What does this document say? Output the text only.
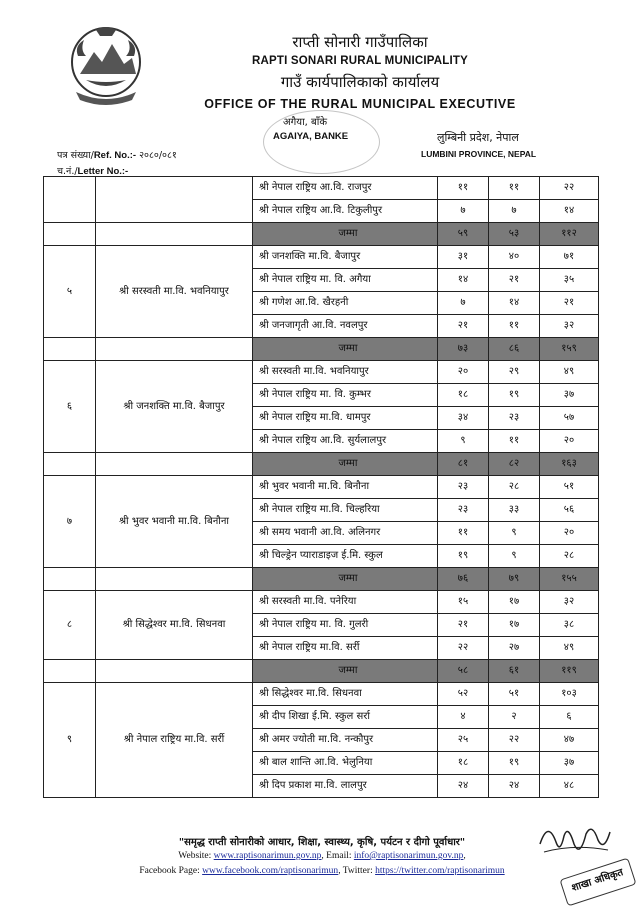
राप्ती सोनारी गाउँपालिका
RAPTI SONARI RURAL MUNICIPALITY
गाउँ कार्यपालिकाको कार्यालय
OFFICE OF THE RURAL MUNICIPAL EXECUTIVE
अगैया, बाँके
AGAIYA, BANKE	लुम्बिनी प्रदेश, नेपाल
LUMBINI PROVINCE, NEPAL
पत्र संख्या/Ref. No.:- २०८०/०८१
च.नं./Letter No.:-
		श्री नेपाल राष्ट्रिय आ.वि. राजपुर	११	११	२२
		श्री नेपाल राष्ट्रिय आ.वि. टिकुलीपुर	७	७	१४
		जम्मा	५९	५३	११२
५	श्री सरस्वती मा.वि. भवनियापुर	श्री जनशक्ति मा.वि. बैजापुर	३१	४०	७१
		श्री नेपाल राष्ट्रिय मा. वि. अगैया	१४	२१	३५
		श्री गणेश आ.वि. खैरहनी	७	१४	२१
		श्री जनजागृती आ.वि. नवलपुर	२१	११	३२
		जम्मा	७३	८६	१५९
६	श्री जनशक्ति मा.वि. बैजापुर	श्री सरस्वती मा.वि. भवनियापुर	२०	२९	४९
		श्री नेपाल राष्ट्रिय मा. वि. कुम्भर	१८	१९	३७
		श्री नेपाल राष्ट्रिय मा.वि. धामपुर	३४	२३	५७
		श्री नेपाल राष्ट्रिय आ.वि. सुर्यलालपुर	९	११	२०
		जम्मा	८१	८२	१६३
७	श्री भुवर भवानी मा.वि. बिनौना	श्री भुवर भवानी मा.वि. बिनौना	२३	२८	५१
		श्री नेपाल राष्ट्रिय मा.वि. चिल्हरिया	२३	३३	५६
		श्री समय भवानी आ.वि. अलिनगर	११	९	२०
		श्री चिल्ड्रेन प्याराडाइज ई.मि. स्कुल	१९	९	२८
		जम्मा	७६	७९	१५५
८	श्री सिद्धेश्वर मा.वि. सिधनवा	श्री सरस्वती मा.वि. पनेरिया	१५	१७	३२
		श्री नेपाल राष्ट्रिय मा. वि. गुलरी	२१	१७	३८
		श्री नेपाल राष्ट्रिय मा.वि. सर्री	२२	२७	४९
		जम्मा	५८	६१	११९
९	श्री नेपाल राष्ट्रिय मा.वि. सर्री	श्री सिद्धेश्वर मा.वि. सिधनवा	५२	५१	१०३
		श्री दीप शिखा ई.मि. स्कुल सर्रा	४	२	६
		श्री अमर ज्योती मा.वि. नन्कौपुर	२५	२२	४७
		श्री बाल शान्ति आ.वि. भेलुनिया	१८	१९	३७
		श्री दिप प्रकाश मा.वि. लालपुर	२४	२४	४८
"समृद्ध राप्ती सोनारीको आधार, शिक्षा, स्वास्थ्य, कृषि, पर्यटन र दीगो पूर्वाधार"
Website: www.raptisonarimun.gov.np, Email: info@raptisonarimun.gov.np,
Facebook Page: www.facebook.com/raptisonarimun, Twitter: https://twitter.com/raptisonarimun	शाखा अधिकृत
